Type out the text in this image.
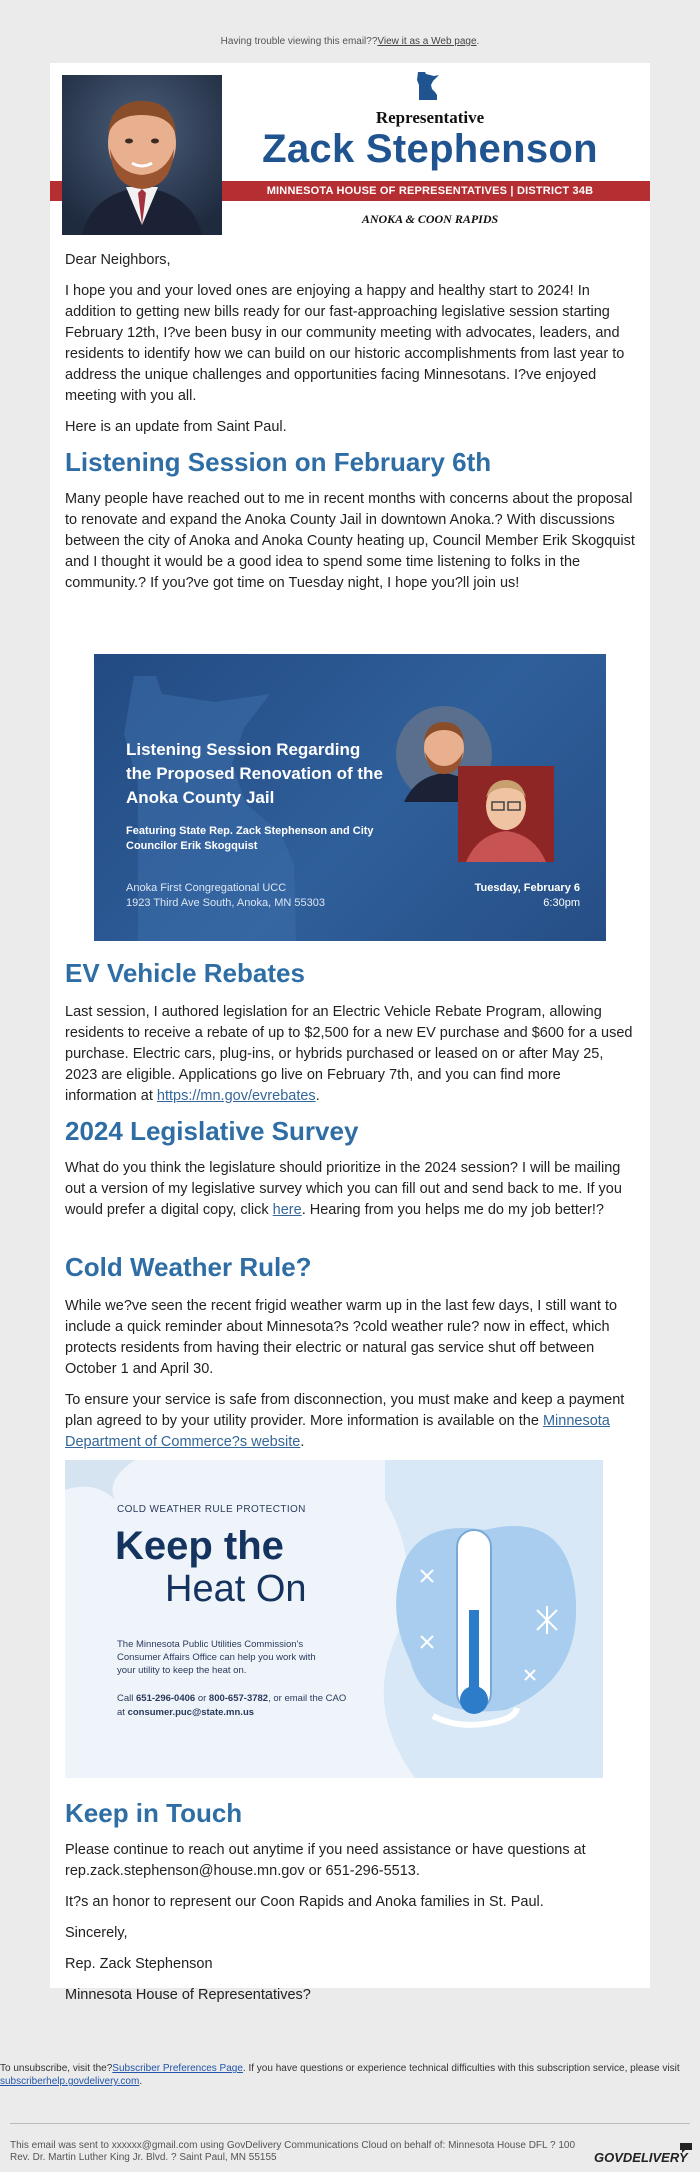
Having trouble viewing this email??View it as a Web page.
MINNESOTA HOUSE OF REPRESENTATIVES | DISTRICT 34B
Representative
Zack Stephenson
ANOKA & COON RAPIDS

Dear Neighbors,

I hope you and your loved ones are enjoying a happy and healthy start to 2024! In addition to getting new bills ready for our fast-approaching legislative session starting February 12th, I?ve been busy in our community meeting with advocates, leaders, and residents to identify how we can build on our historic accomplishments from last year to address the unique challenges and opportunities facing Minnesotans. I?ve enjoyed meeting with you all.

Here is an update from Saint Paul.

Listening Session on February 6th

Many people have reached out to me in recent months with concerns about the proposal to renovate and expand the Anoka County Jail in downtown Anoka.? With discussions between the city of Anoka and Anoka County heating up, Council Member Erik Skogquist and I thought it would be a good idea to spend some time listening to folks in the community.? If you?ve got time on Tuesday night, I hope you?ll join us!

Listening Session Regarding the Proposed Renovation of the Anoka County Jail
Featuring State Rep. Zack Stephenson and City Councilor Erik Skogquist
Anoka First Congregational UCC
1923 Third Ave South, Anoka, MN 55303
Tuesday, February 6
6:30pm
EV Vehicle Rebates

Last session, I authored legislation for an Electric Vehicle Rebate Program, allowing residents to receive a rebate of up to $2,500 for a new EV purchase and $600 for a used purchase. Electric cars, plug-ins, or hybrids purchased or leased on or after May 25, 2023 are eligible. Applications go live on February 7th, and you can find more information at https://mn.gov/evrebates.

2024 Legislative Survey

What do you think the legislature should prioritize in the 2024 session? I will be mailing out a version of my legislative survey which you can fill out and send back to me. If you would prefer a digital copy, click here. Hearing from you helps me do my job better!?

Cold Weather Rule?

While we?ve seen the recent frigid weather warm up in the last few days, I still want to include a quick reminder about Minnesota?s ?cold weather rule? now in effect, which protects residents from having their electric or natural gas service shut off between October 1 and April 30.

To ensure your service is safe from disconnection, you must make and keep a payment plan agreed to by your utility provider. More information is available on the Minnesota Department of Commerce?s website.

COLD WEATHER RULE PROTECTION
Keep the
Heat On
The Minnesota Public Utilities Commission's Consumer Affairs Office can help you work with your utility to keep the heat on.
Call 651-296-0406 or 800-657-3782, or email the CAO at consumer.puc@state.mn.us
Keep in Touch

Please continue to reach out anytime if you need assistance or have questions at rep.zack.stephenson@house.mn.gov or 651-296-5513.

It?s an honor to represent our Coon Rapids and Anoka families in St. Paul.

Sincerely,

Rep. Zack Stephenson

Minnesota House of Representatives?

To unsubscribe, visit the?Subscriber Preferences Page. If you have questions or experience technical difficulties with this subscription service, please visit subscriberhelp.govdelivery.com.
This email was sent to xxxxxx@gmail.com using GovDelivery Communications Cloud on behalf of: Minnesota House DFL ? 100
Rev. Dr. Martin Luther King Jr. Blvd. ? Saint Paul, MN 55155	GOVDELIVERY
